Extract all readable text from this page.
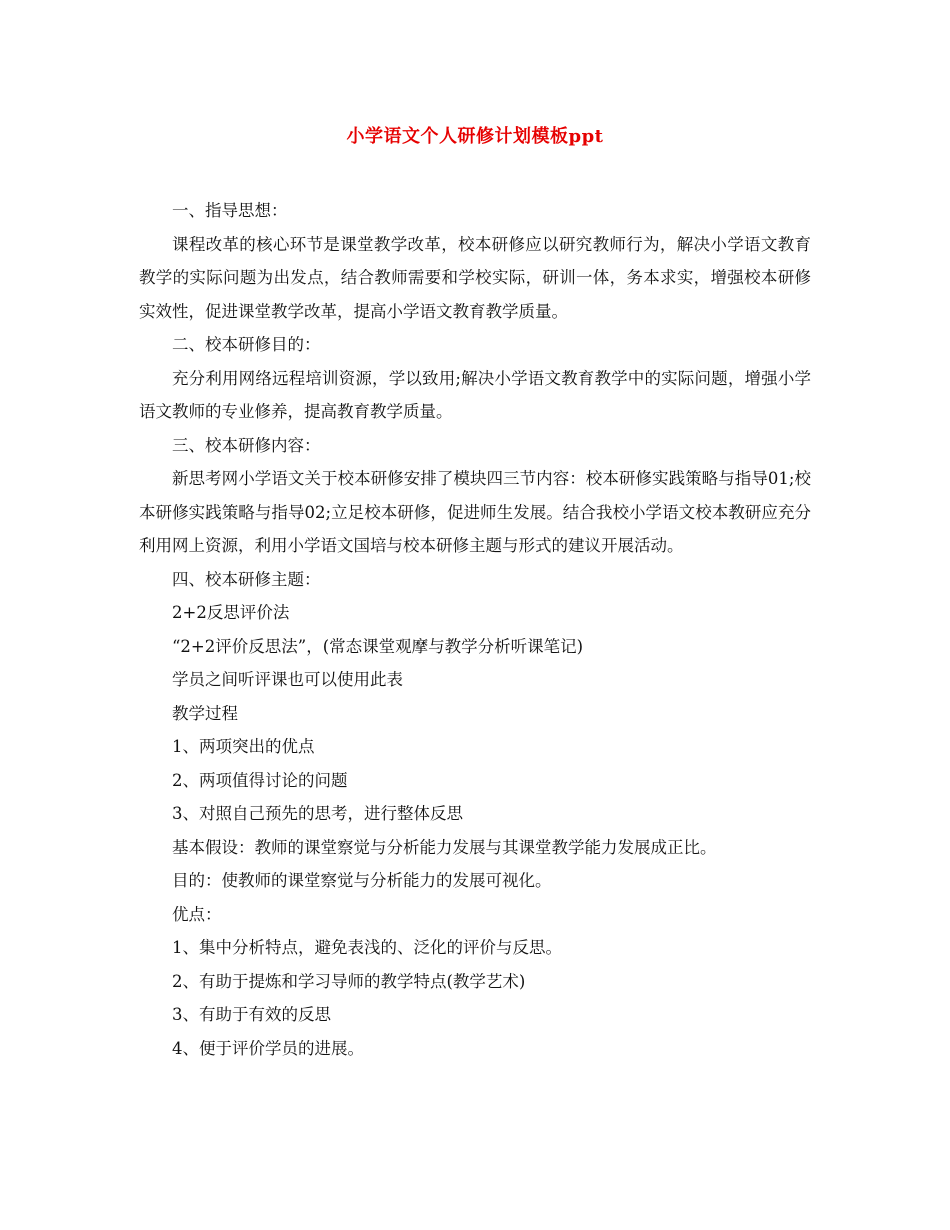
小学语文个人研修计划模板ppt

一、指导思想：

课程改革的核心环节是课堂教学改革，校本研修应以研究教师行为，解决小学语文教育教学的实际问题为出发点，结合教师需要和学校实际，研训一体，务本求实，增强校本研修实效性，促进课堂教学改革，提高小学语文教育教学质量。

二、校本研修目的：

充分利用网络远程培训资源，学以致用;解决小学语文教育教学中的实际问题，增强小学语文教师的专业修养，提高教育教学质量。

三、校本研修内容：

新思考网小学语文关于校本研修安排了模块四三节内容：校本研修实践策略与指导01;校本研修实践策略与指导02;立足校本研修，促进师生发展。结合我校小学语文校本教研应充分利用网上资源，利用小学语文国培与校本研修主题与形式的建议开展活动。

四、校本研修主题：

2+2反思评价法

“2+2评价反思法”，(常态课堂观摩与教学分析听课笔记)

学员之间听评课也可以使用此表

教学过程

1、两项突出的优点

2、两项值得讨论的问题

3、对照自己预先的思考，进行整体反思

基本假设：教师的课堂察觉与分析能力发展与其课堂教学能力发展成正比。

目的：使教师的课堂察觉与分析能力的发展可视化。

优点：

1、集中分析特点，避免表浅的、泛化的评价与反思。

2、有助于提炼和学习导师的教学特点(教学艺术)

3、有助于有效的反思

4、便于评价学员的进展。
